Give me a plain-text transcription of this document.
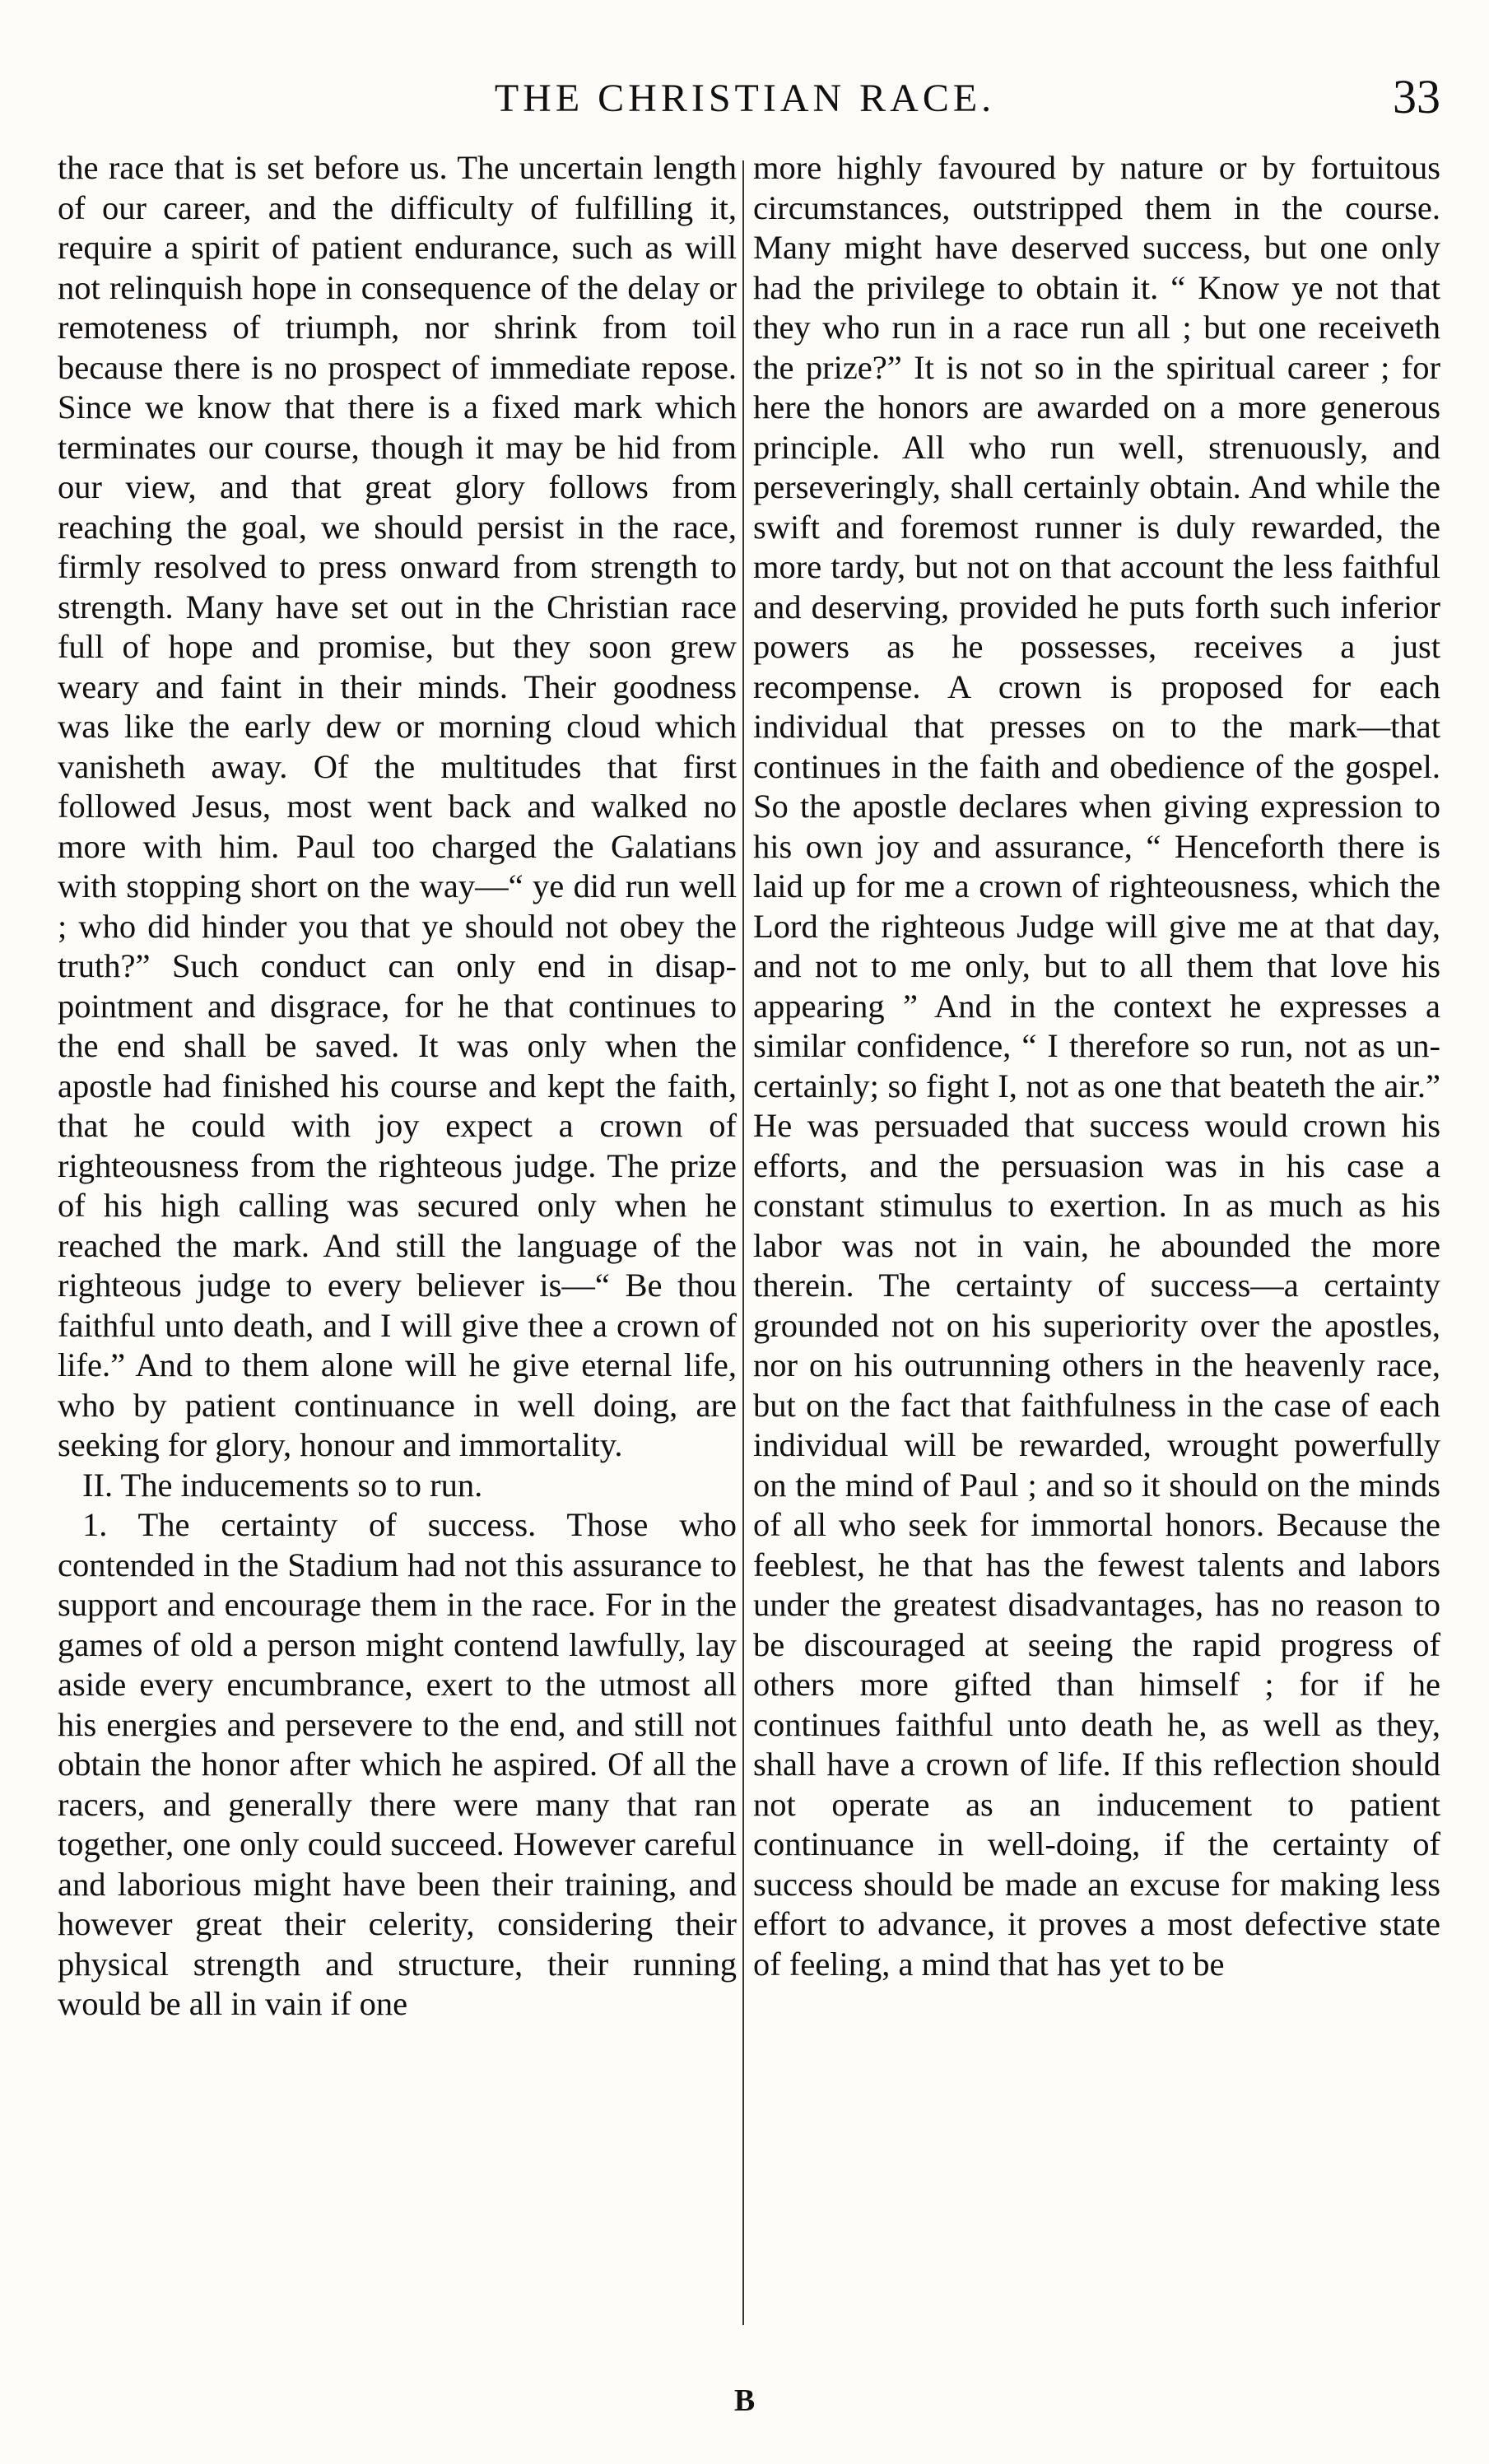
THE CHRISTIAN RACE.	33

the race that is set before us. The uncertain length of our career, and the difficulty of fulfilling it, require a spirit of patient endurance, such as will not relinquish hope in consequence of the delay or remoteness of triumph, nor shrink from toil because there is no prospect of immediate repose. Since we know that there is a fixed mark which terminates our course, though it may be hid from our view, and that great glory follows from reaching the goal, we should persist in the race, firmly resolved to press onward from strength to strength. Many have set out in the Christian race full of hope and promise, but they soon grew weary and faint in their minds. Their goodness was like the early dew or morning cloud which vanisheth away. Of the multitudes that first followed Jesus, most went back and walked no more with him. Paul too charged the Galatians with stopping short on the way—“ ye did run well ; who did hinder you that ye should not obey the truth?” Such conduct can only end in disappointment and disgrace, for he that continues to the end shall be saved. It was only when the apostle had finished his course and kept the faith, that he could with joy expect a crown of righteousness from the righteous judge. The prize of his high calling was secured only when he reached the mark. And still the language of the righteous judge to every believer is—“ Be thou faithful unto death, and I will give thee a crown of life.” And to them alone will he give eternal life, who by patient continuance in well doing, are seeking for glory, honour and immortality.

II. The inducements so to run.

1. The certainty of success. Those who contended in the Stadium had not this assurance to support and encourage them in the race. For in the games of old a person might contend lawfully, lay aside every encumbrance, exert to the utmost all his energies and persevere to the end, and still not obtain the honor after which he aspired. Of all the racers, and generally there were many that ran together, one only could succeed. However careful and laborious might have been their training, and however great their celerity, considering their physical strength and structure, their running would be all in vain if one

more highly favoured by nature or by fortuitous circumstances, outstripped them in the course. Many might have deserved success, but one only had the privilege to obtain it. “ Know ye not that they who run in a race run all ; but one receiveth the prize?” It is not so in the spiritual career ; for here the honors are awarded on a more generous principle. All who run well, strenuously, and perseveringly, shall certainly obtain. And while the swift and foremost runner is duly rewarded, the more tardy, but not on that account the less faithful and deserving, provided he puts forth such inferior powers as he possesses, receives a just recompense. A crown is proposed for each individual that presses on to the mark—that continues in the faith and obedience of the gospel. So the apostle declares when giving expression to his own joy and assurance, “ Henceforth there is laid up for me a crown of righteousness, which the Lord the righteous Judge will give me at that day, and not to me only, but to all them that love his appearing ” And in the context he expresses a similar confidence, “ I therefore so run, not as uncertainly; so fight I, not as one that beateth the air.” He was persuaded that success would crown his efforts, and the persuasion was in his case a constant stimulus to exertion. In as much as his labor was not in vain, he abounded the more therein. The certainty of success—a certainty grounded not on his superiority over the apostles, nor on his outrunning others in the heavenly race, but on the fact that faithfulness in the case of each individual will be rewarded, wrought powerfully on the mind of Paul ; and so it should on the minds of all who seek for immortal honors. Because the feeblest, he that has the fewest talents and labors under the greatest disadvantages, has no reason to be discouraged at seeing the rapid progress of others more gifted than himself ; for if he continues faithful unto death he, as well as they, shall have a crown of life. If this reflection should not operate as an inducement to patient continuance in well-doing, if the certainty of success should be made an excuse for making less effort to advance, it proves a most defective state of feeling, a mind that has yet to be

B
